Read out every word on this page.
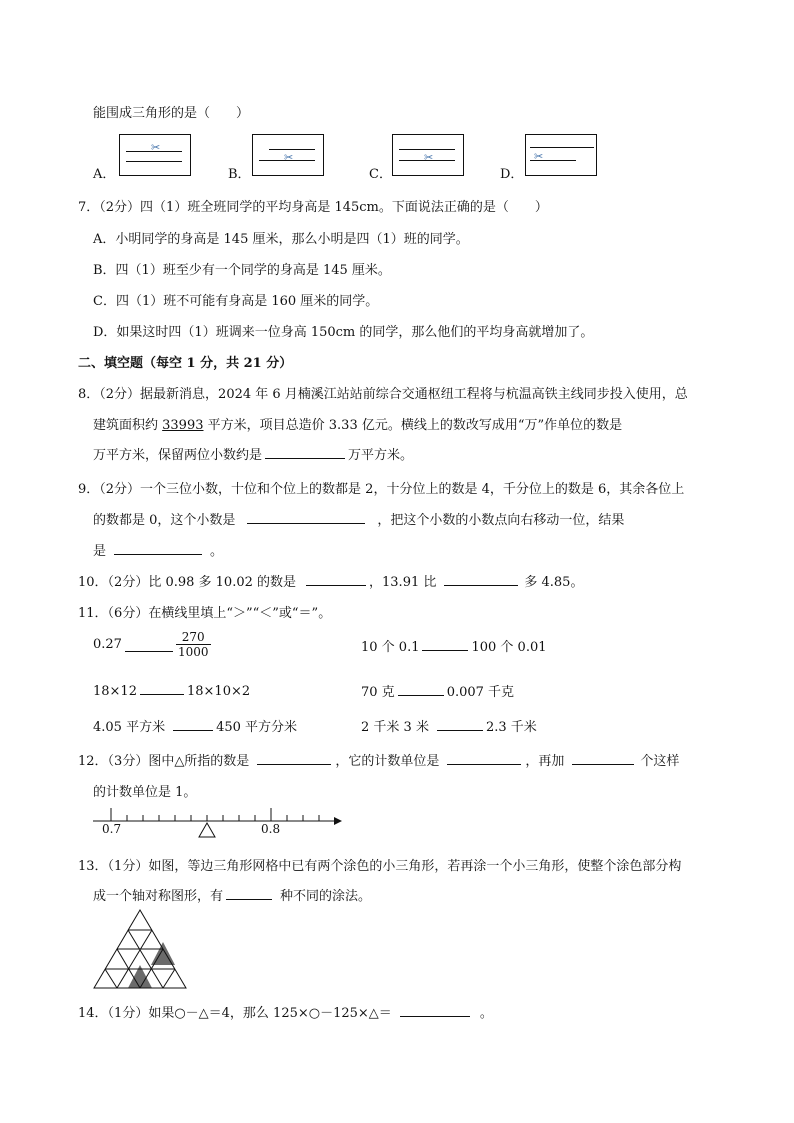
能围成三角形的是（　　）
A．
✂
B．
✂
C．
✂
D．
✂
7．（2分）四（1）班全班同学的平均身高是 145cm。下面说法正确的是（　　）
A．小明同学的身高是 145 厘米，那么小明是四（1）班的同学。
B．四（1）班至少有一个同学的身高是 145 厘米。
C．四（1）班不可能有身高是 160 厘米的同学。
D．如果这时四（1）班调来一位身高 150cm 的同学，那么他们的平均身高就增加了。
二、填空题（每空 1 分，共 21 分）
8．（2分）据最新消息，2024 年 6 月楠溪江站站前综合交通枢纽工程将与杭温高铁主线同步投入使用，总
建筑面积约 33993 平方米，项目总造价 3.33 亿元。横线上的数改写成用“万”作单位的数是
万平方米，保留两位小数约是	万平方米。
9．（2分）一个三位小数，十位和个位上的数都是 2，十分位上的数是 4，千分位上的数是 6，其余各位上
的数都是 0，这个小数是	，把这个小数的小数点向右移动一位，结果
是	。
10．（2分）比 0.98 多 10.02 的数是	，13.91 比	多 4.85。
11．（6分）在横线里填上“＞”“＜”或“＝”。
0.27	$\frac{270}{1000}$	10 个 0.1	100 个 0.01
18×12	18×10×2	70 克	0.007 千克
4.05 平方米	450 平方分米	2 千米 3 米	2.3 千米
12．（3分）图中△所指的数是	，它的计数单位是	，再加	个这样
的计数单位是 1。
0.7	0.8
13．（1分）如图，等边三角形网格中已有两个涂色的小三角形，若再涂一个小三角形，使整个涂色部分构
成一个轴对称图形，有	种不同的涂法。
14．（1分）如果○－△＝4，那么 125×○－125×△＝	。
